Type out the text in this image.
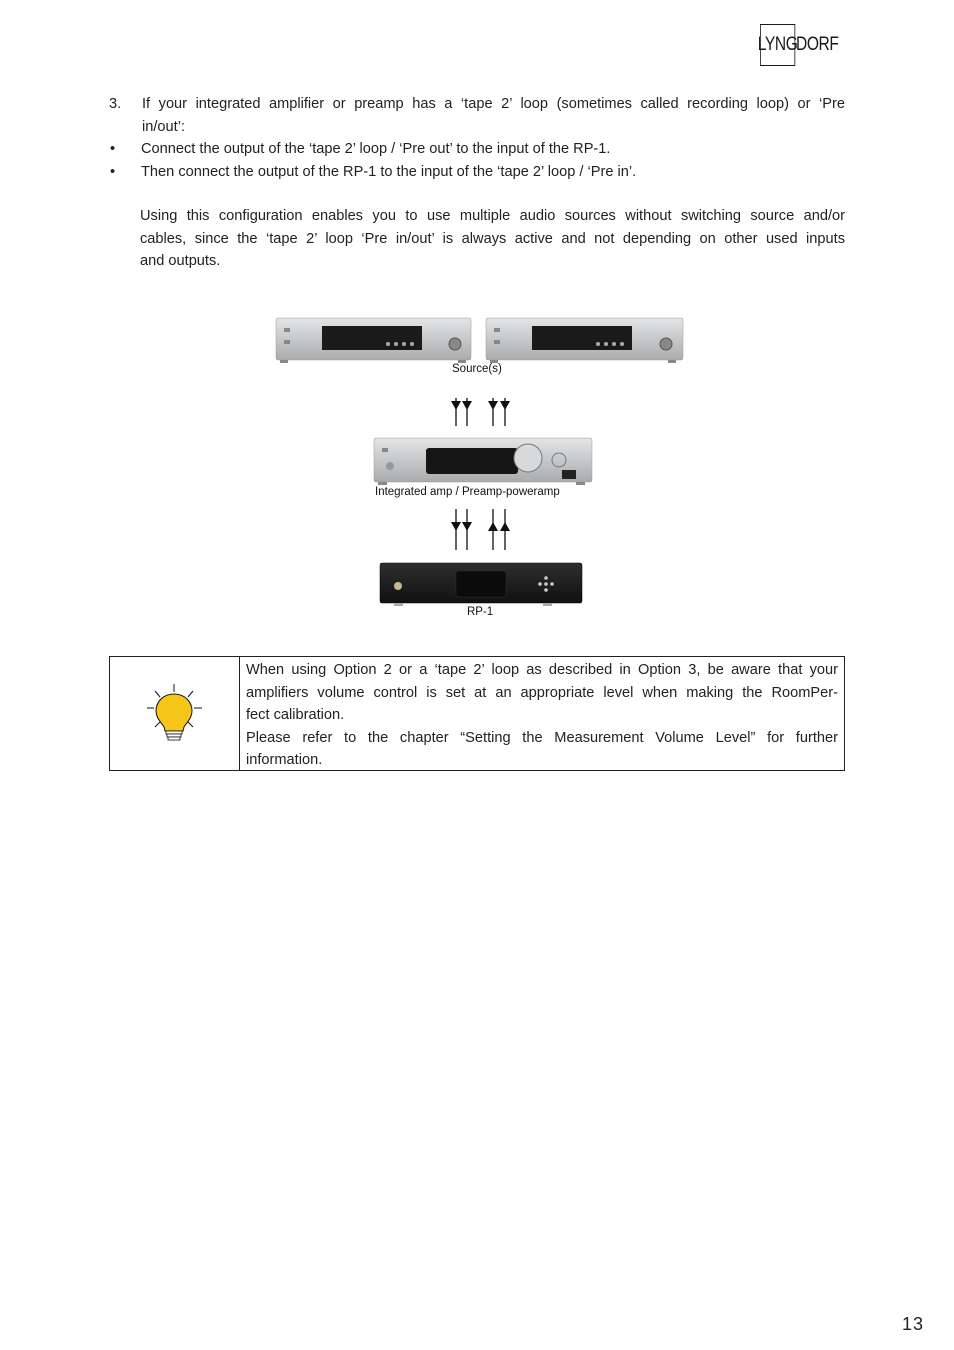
LYNG
DORF
3. If your integrated amplifier or preamp has a ‘tape 2’ loop (sometimes called recording loop) or ‘Pre
in/out’:
• Connect the output of the ‘tape 2’ loop / ‘Pre out’ to the input of the RP-1.
• Then connect the output of the RP-1 to the input of the ‘tape 2’ loop / ‘Pre in’.
Using this configuration enables you to use multiple audio sources without switching source and/or
cables, since the ‘tape 2’ loop ‘Pre in/out’ is always active and not depending on other used inputs
and outputs.
Source(s)
Integrated amp / Preamp-poweramp
RP-1
When using Option 2 or a ‘tape 2’ loop as described in Option 3, be aware that your
amplifiers volume control is set at an appropriate level when making the RoomPer-
fect calibration.
Please refer to the chapter “Setting the Measurement Volume Level” for further
information.
13
